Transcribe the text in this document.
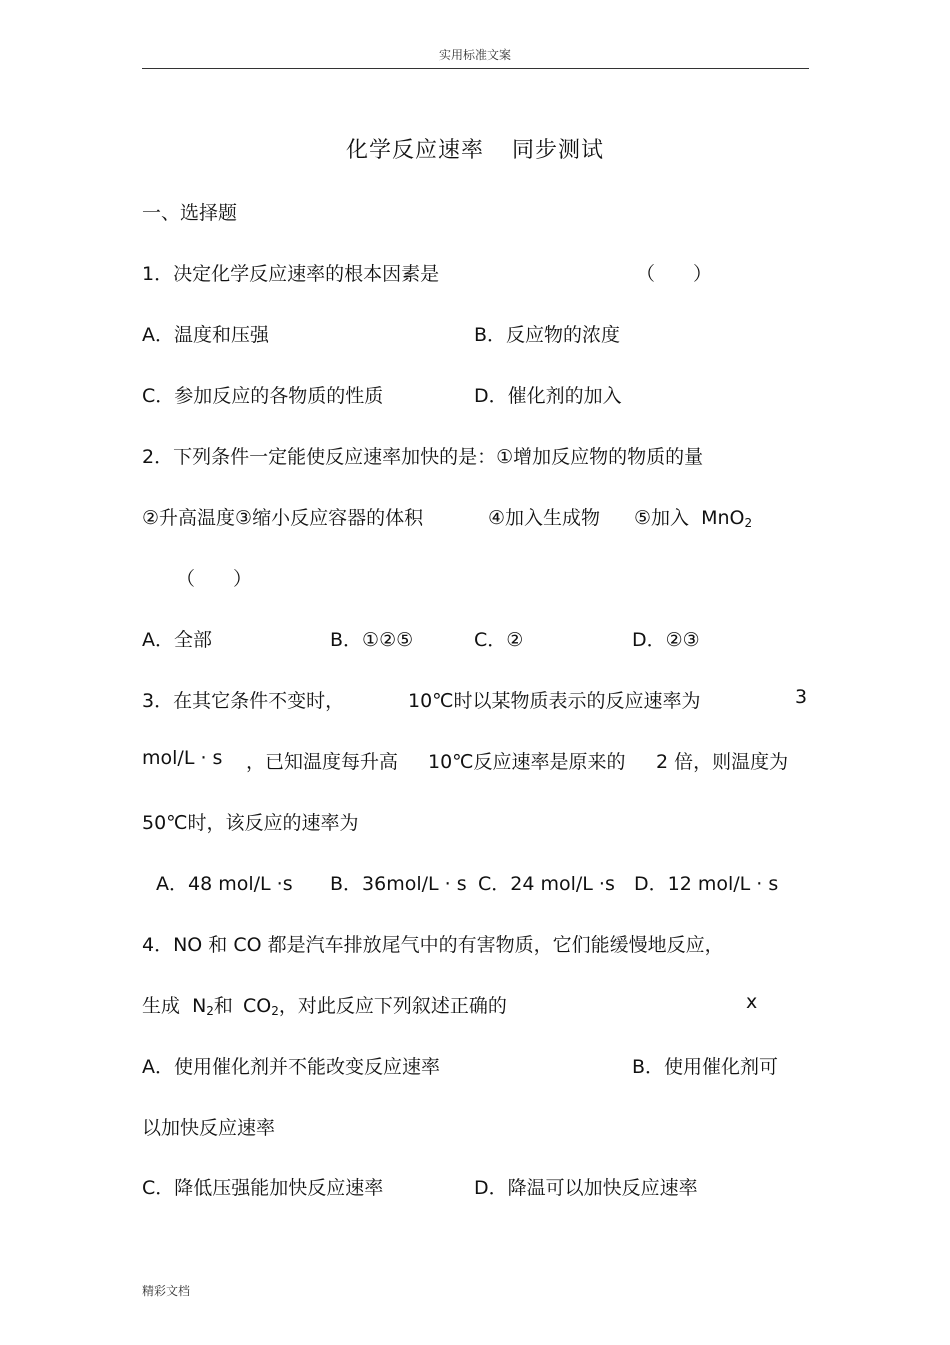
实用标准文案
化学反应速率 同步测试
一、选择题
1．决定化学反应速率的根本因素是	（　　）
A．温度和压强	B．反应物的浓度
C．参加反应的各物质的性质	D．催化剂的加入
2．下列条件一定能使反应速率加快的是：①增加反应物的物质的量
②升高温度③缩小反应容器的体积	④加入生成物 ⑤加入 MnO$_2$
（　　）
A．全部	B．①②⑤	C．②	D．②③
3．在其它条件不变时，	10℃时以某物质表示的反应速率为	3
mol/L · s ，已知温度每升高 10℃反应速率是原来的 2 倍，则温度为
50℃时，该反应的速率为
A．48 mol/L ·s B．36mol/L · s C．24 mol/L ·s D．12 mol/L · s
4．NO 和 CO 都是汽车排放尾气中的有害物质，它们能缓慢地反应，
生成 $N_2$和 $CO_2$，对此反应下列叙述正确的	x
A．使用催化剂并不能改变反应速率	B．使用催化剂可
以加快反应速率
C．降低压强能加快反应速率	D．降温可以加快反应速率
精彩文档
